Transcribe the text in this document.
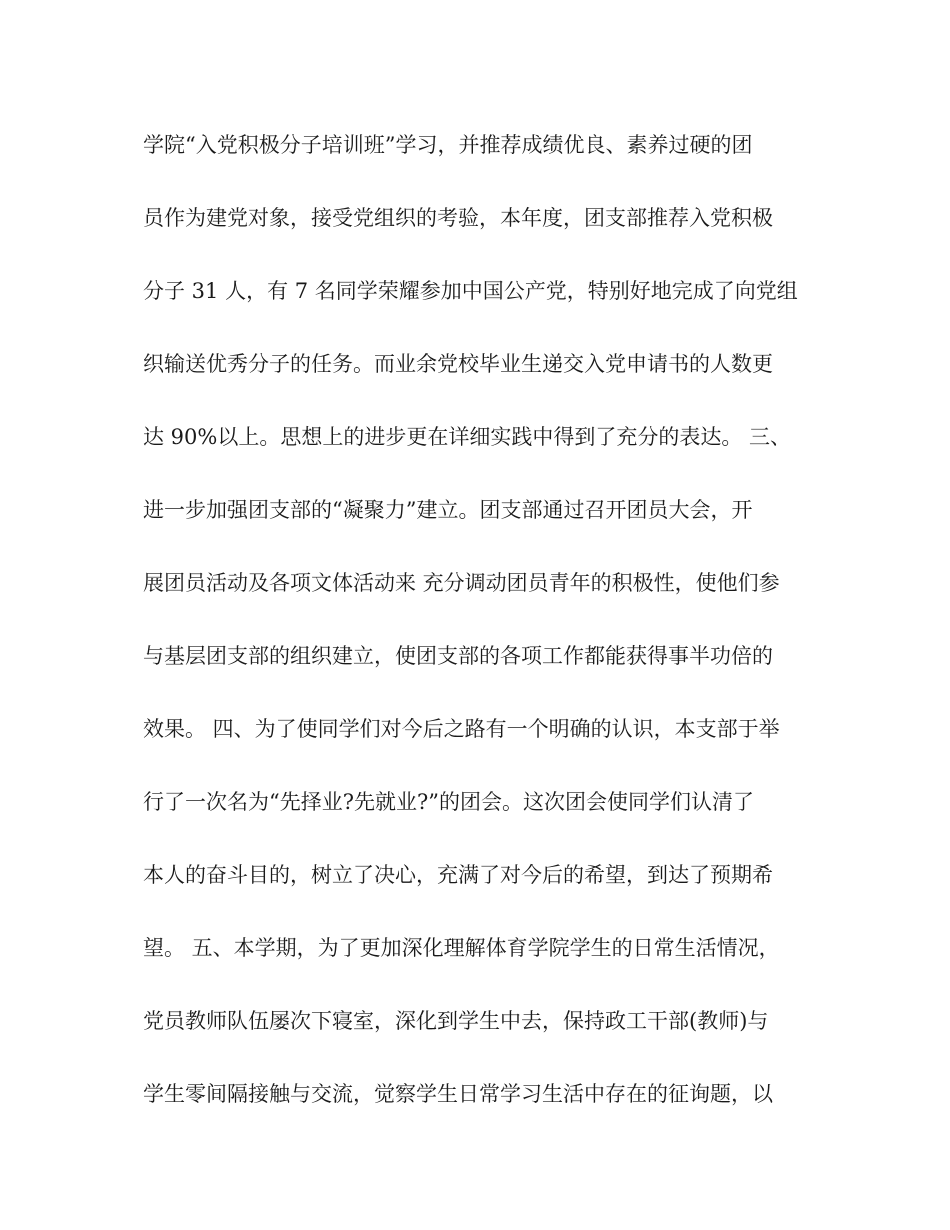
学院“入党积极分子培训班”学习，并推荐成绩优良、素养过硬的团
员作为建党对象，接受党组织的考验，本年度，团支部推荐入党积极
分子 31 人，有 7 名同学荣耀参加中国公产党，特别好地完成了向党组
织输送优秀分子的任务。而业余党校毕业生递交入党申请书的人数更
达 90%以上。思想上的进步更在详细实践中得到了充分的表达。 三、
进一步加强团支部的“凝聚力”建立。团支部通过召开团员大会，开
展团员活动及各项文体活动来 充分调动团员青年的积极性，使他们参
与基层团支部的组织建立，使团支部的各项工作都能获得事半功倍的
效果。 四、为了使同学们对今后之路有一个明确的认识，本支部于举
行了一次名为“先择业?先就业?”的团会。这次团会使同学们认清了
本人的奋斗目的，树立了决心，充满了对今后的希望，到达了预期希
望。 五、本学期，为了更加深化理解体育学院学生的日常生活情况，
党员教师队伍屡次下寝室，深化到学生中去，保持政工干部(教师)与
学生零间隔接触与交流，觉察学生日常学习生活中存在的征询题，以
